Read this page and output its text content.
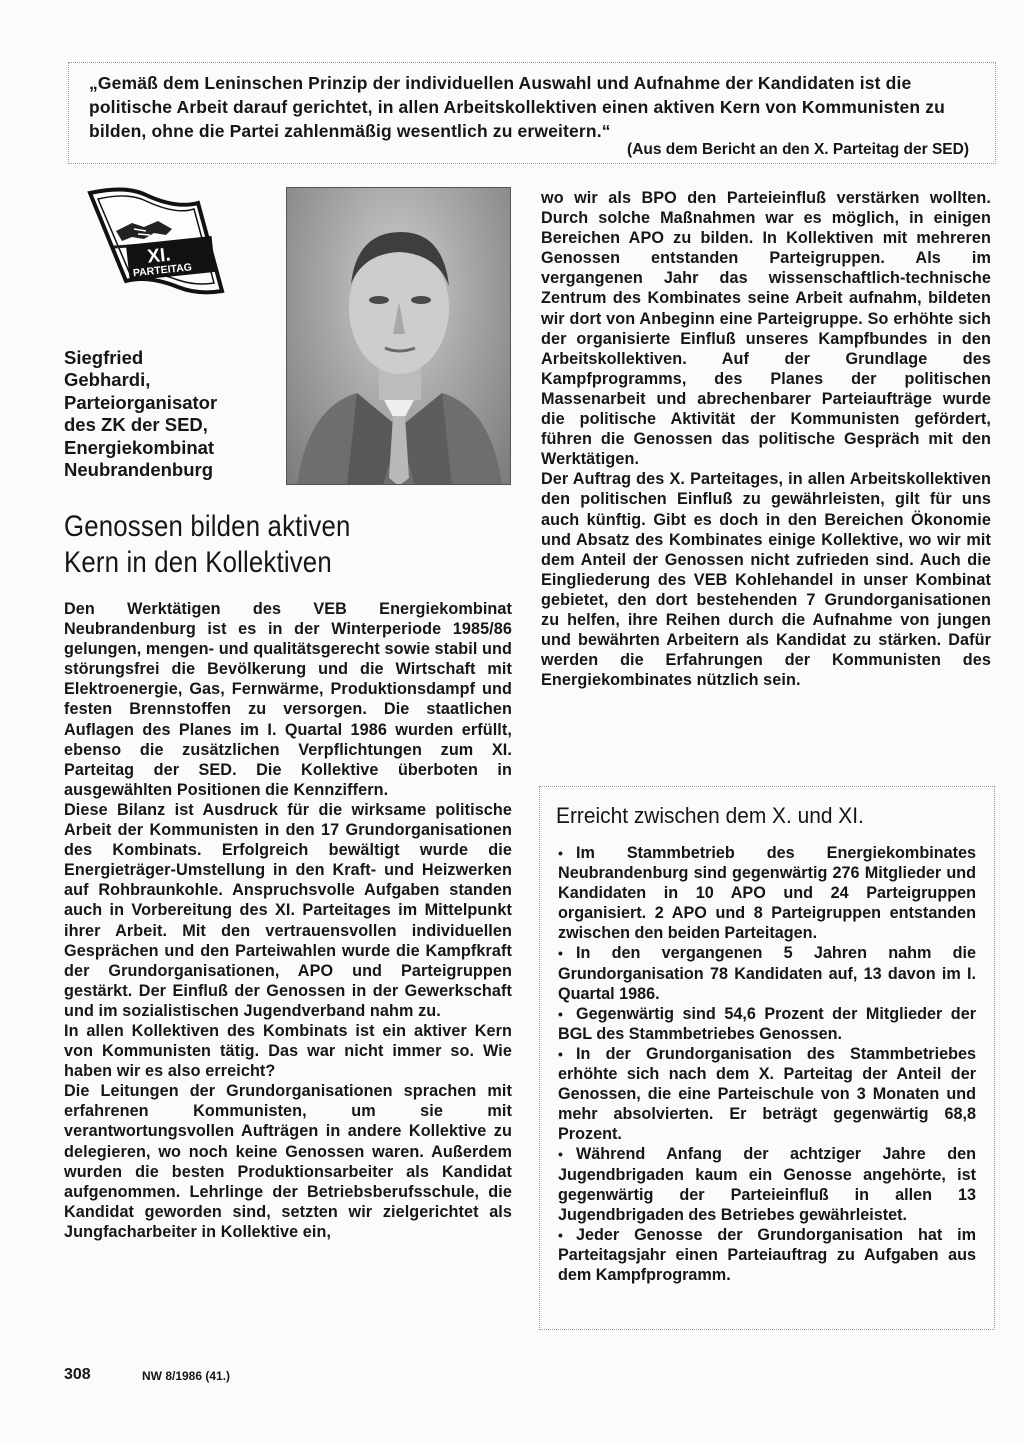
„Gemäß dem Leninschen Prinzip der individuellen Auswahl und Aufnahme der Kandidaten ist die politische Arbeit darauf gerichtet, in allen Arbeitskollektiven einen aktiven Kern von Kommunisten zu bilden, ohne die Partei zahlenmäßig wesentlich zu erweitern.“
(Aus dem Bericht an den X. Parteitag der SED)
XI.
PARTEITAG
Siegfried
Gebhardi,
Parteiorganisator
des ZK der SED,
Energiekombinat
Neubrandenburg
Genossen bilden aktiven
Kern in den Kollektiven

Den Werktätigen des VEB Energiekombinat Neubrandenburg ist es in der Winterperiode 1985/86 gelungen, mengen- und qualitätsgerecht sowie stabil und störungsfrei die Bevölkerung und die Wirtschaft mit Elektroenergie, Gas, Fernwärme, Produktionsdampf und festen Brennstoffen zu versorgen. Die staatlichen Auflagen des Planes im I. Quartal 1986 wurden erfüllt, ebenso die zusätzlichen Verpflichtungen zum XI. Parteitag der SED. Die Kollektive überboten in ausgewählten Positionen die Kennziffern.

Diese Bilanz ist Ausdruck für die wirksame politische Arbeit der Kommunisten in den 17 Grundorganisationen des Kombinats. Erfolgreich bewältigt wurde die Energieträger-Umstellung in den Kraft- und Heizwerken auf Rohbraunkohle. Anspruchsvolle Aufgaben standen auch in Vorbereitung des XI. Parteitages im Mittelpunkt ihrer Arbeit. Mit den vertrauensvollen individuellen Gesprächen und den Parteiwahlen wurde die Kampfkraft der Grundorganisationen, APO und Parteigruppen gestärkt. Der Einfluß der Genossen in der Gewerkschaft und im sozialistischen Jugendverband nahm zu.

In allen Kollektiven des Kombinats ist ein aktiver Kern von Kommunisten tätig. Das war nicht immer so. Wie haben wir es also erreicht?

Die Leitungen der Grundorganisationen sprachen mit erfahrenen Kommunisten, um sie mit verantwortungsvollen Aufträgen in andere Kollektive zu delegieren, wo noch keine Genossen waren. Außerdem wurden die besten Produktionsarbeiter als Kandidat aufgenommen. Lehrlinge der Betriebsberufsschule, die Kandidat geworden sind, setzten wir zielgerichtet als Jungfacharbeiter in Kollektive ein,

wo wir als BPO den Parteieinfluß verstärken wollten. Durch solche Maßnahmen war es möglich, in einigen Bereichen APO zu bilden. In Kollektiven mit mehreren Genossen entstanden Parteigruppen. Als im vergangenen Jahr das wissenschaftlich-technische Zentrum des Kombinates seine Arbeit aufnahm, bildeten wir dort von Anbeginn eine Parteigruppe. So erhöhte sich der organisierte Einfluß unseres Kampfbundes in den Arbeitskollektiven. Auf der Grundlage des Kampfprogramms, des Planes der politischen Massenarbeit und abrechenbarer Parteiaufträge wurde die politische Aktivität der Kommunisten gefördert, führen die Genossen das politische Gespräch mit den Werktätigen.

Der Auftrag des X. Parteitages, in allen Arbeitskollektiven den politischen Einfluß zu gewährleisten, gilt für uns auch künftig. Gibt es doch in den Bereichen Ökonomie und Absatz des Kombinates einige Kollektive, wo wir mit dem Anteil der Genossen nicht zufrieden sind. Auch die Eingliederung des VEB Kohlehandel in unser Kombinat gebietet, den dort bestehenden 7 Grundorganisationen zu helfen, ihre Reihen durch die Aufnahme von jungen und bewährten Arbeitern als Kandidat zu stärken. Dafür werden die Erfahrungen der Kommunisten des Energiekombinates nützlich sein.

Erreicht zwischen dem X. und XI.
• Im Stammbetrieb des Energiekombinates Neubrandenburg sind gegenwärtig 276 Mitglieder und Kandidaten in 10 APO und 24 Parteigruppen organisiert. 2 APO und 8 Parteigruppen entstanden zwischen den beiden Parteitagen.
• In den vergangenen 5 Jahren nahm die Grundorganisation 78 Kandidaten auf, 13 davon im I. Quartal 1986.
• Gegenwärtig sind 54,6 Prozent der Mitglieder der BGL des Stammbetriebes Genossen.
• In der Grundorganisation des Stammbetriebes erhöhte sich nach dem X. Parteitag der Anteil der Genossen, die eine Parteischule von 3 Monaten und mehr absolvierten. Er beträgt gegenwärtig 68,8 Prozent.
• Während Anfang der achtziger Jahre den Jugendbrigaden kaum ein Genosse angehörte, ist gegenwärtig der Parteieinfluß in allen 13 Jugendbrigaden des Betriebes gewährleistet.
• Jeder Genosse der Grundorganisation hat im Parteitagsjahr einen Parteiauftrag zu Aufgaben aus dem Kampfprogramm.
308	NW 8/1986 (41.)
